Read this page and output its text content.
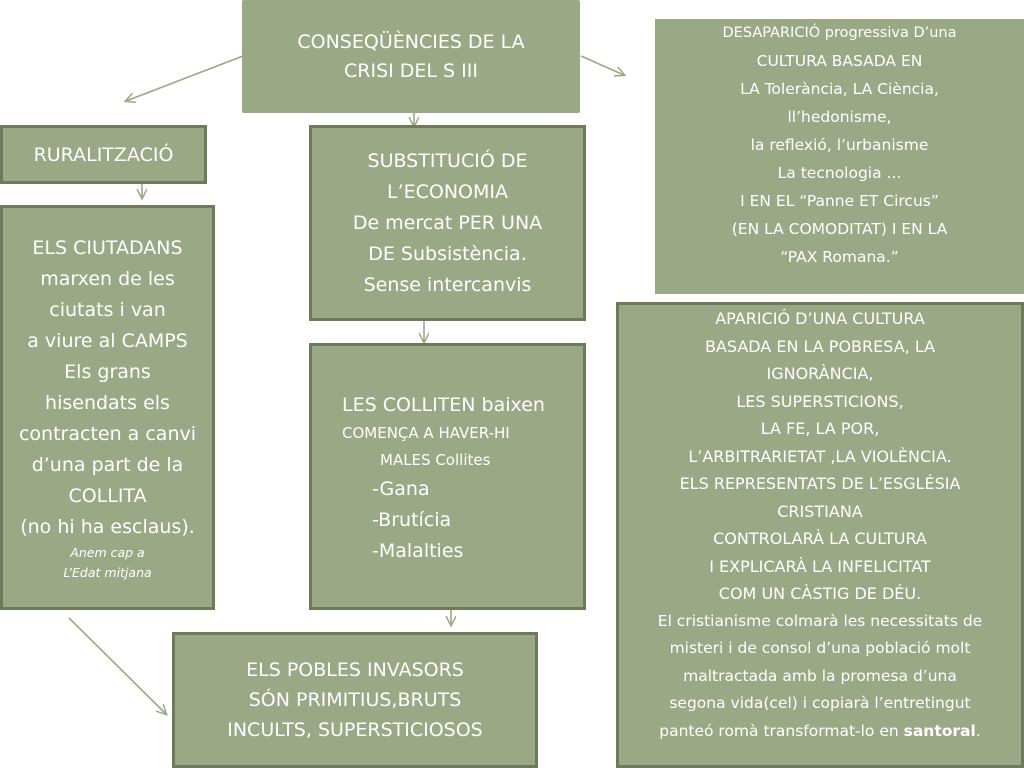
CONSEQÜÈNCIES DE LA
CRISI DEL S III
RURALITZACIÓ	SUBSTITUCIÓ DE
L’ECONOMIA
De mercat PER UNA
DE Subsistència.
Sense intercanvis
DESAPARICIÓ progressiva D’una
CULTURA BASADA EN
LA Tolerància, LA Ciència,
ll’hedonisme,
la reflexió, l’urbanisme
La tecnologia ...
I EN EL “Panne ET Circus”
(EN LA COMODITAT) I EN LA
“PAX Romana.”
ELS CIUTADANS
marxen de les
ciutats i van
a viure al CAMPS
Els grans
hisendats els
contracten a canvi
d’una part de la
COLLITA
(no hi ha esclaus).
Anem cap a
L’Edat mitjana
LES COLLITEN baixen
COMENÇA A HAVER-HI
MALES Collites
-Gana
-Brutícia
-Malalties
APARICIÓ D’UNA CULTURA
BASADA EN LA POBRESA, LA
IGNORÀNCIA,
LES SUPERSTICIONS,
LA FE, LA POR,
L’ARBITRARIETAT ,LA VIOLÈNCIA.
ELS REPRESENTATS DE L’ESGLÉSIA
CRISTIANA
CONTROLARÀ LA CULTURA
I EXPLICARÀ LA INFELICITAT
COM UN CÀSTIG DE DÉU.
El cristianisme colmarà les necessitats de
misteri i de consol d’una població molt
maltractada amb la promesa d’una
segona vida(cel) i copiarà l’entretingut
panteó romà transformat-lo en santoral.
ELS POBLES INVASORS
SÓN PRIMITIUS,BRUTS
INCULTS, SUPERSTICIOSOS
